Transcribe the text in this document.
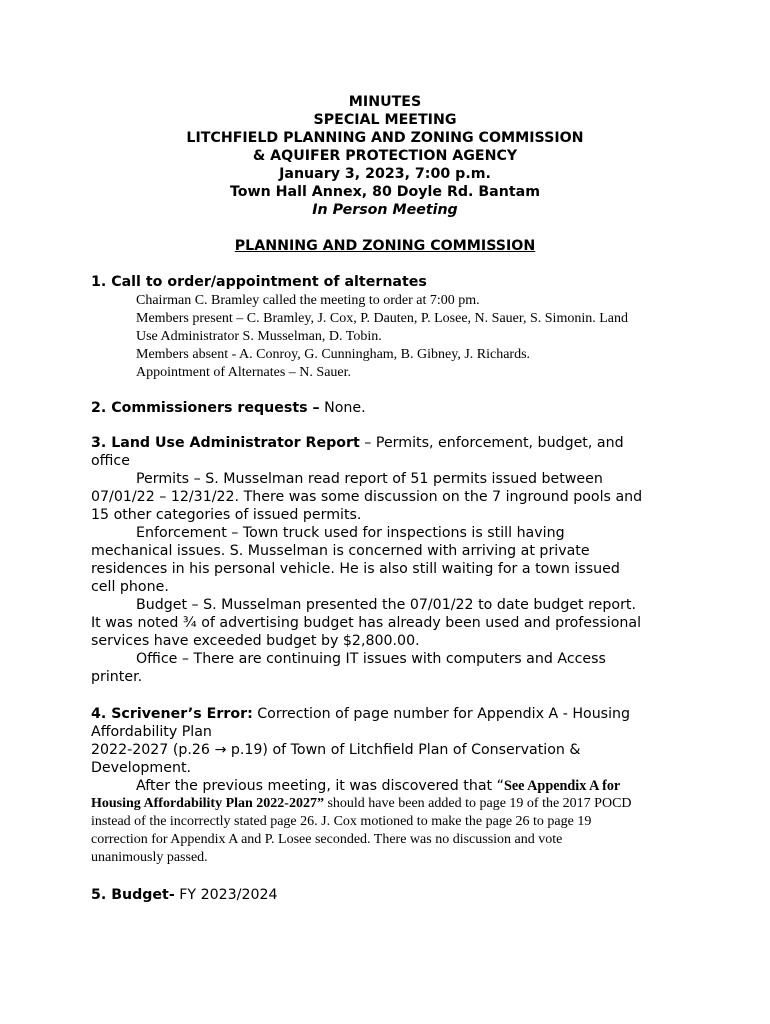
MINUTES
SPECIAL MEETING
LITCHFIELD PLANNING AND ZONING COMMISSION
& AQUIFER PROTECTION AGENCY
January 3, 2023, 7:00 p.m.
Town Hall Annex, 80 Doyle Rd. Bantam
In Person Meeting
PLANNING AND ZONING COMMISSION
1. Call to order/appointment of alternates
Chairman C. Bramley called the meeting to order at 7:00 pm.
Members present – C. Bramley, J. Cox, P. Dauten, P. Losee, N. Sauer, S. Simonin. Land
Use Administrator S. Musselman, D. Tobin.
Members absent - A. Conroy, G. Cunningham, B. Gibney, J. Richards.
Appointment of Alternates – N. Sauer.
2. Commissioners requests – None.
3. Land Use Administrator Report – Permits, enforcement, budget, and
office
Permits – S. Musselman read report of 51 permits issued between
07/01/22 – 12/31/22. There was some discussion on the 7 inground pools and
15 other categories of issued permits.
Enforcement – Town truck used for inspections is still having
mechanical issues. S. Musselman is concerned with arriving at private
residences in his personal vehicle. He is also still waiting for a town issued
cell phone.
Budget – S. Musselman presented the 07/01/22 to date budget report.
It was noted ¾ of advertising budget has already been used and professional
services have exceeded budget by $2,800.00.
Office – There are continuing IT issues with computers and Access
printer.
4. Scrivener’s Error: Correction of page number for Appendix A - Housing
Affordability Plan
2022-2027 (p.26 → p.19) of Town of Litchfield Plan of Conservation &
Development.
After the previous meeting, it was discovered that “See Appendix A for
Housing Affordability Plan 2022-2027” should have been added to page 19 of the 2017 POCD
instead of the incorrectly stated page 26. J. Cox motioned to make the page 26 to page 19
correction for Appendix A and P. Losee seconded. There was no discussion and vote
unanimously passed.
5. Budget- FY 2023/2024
